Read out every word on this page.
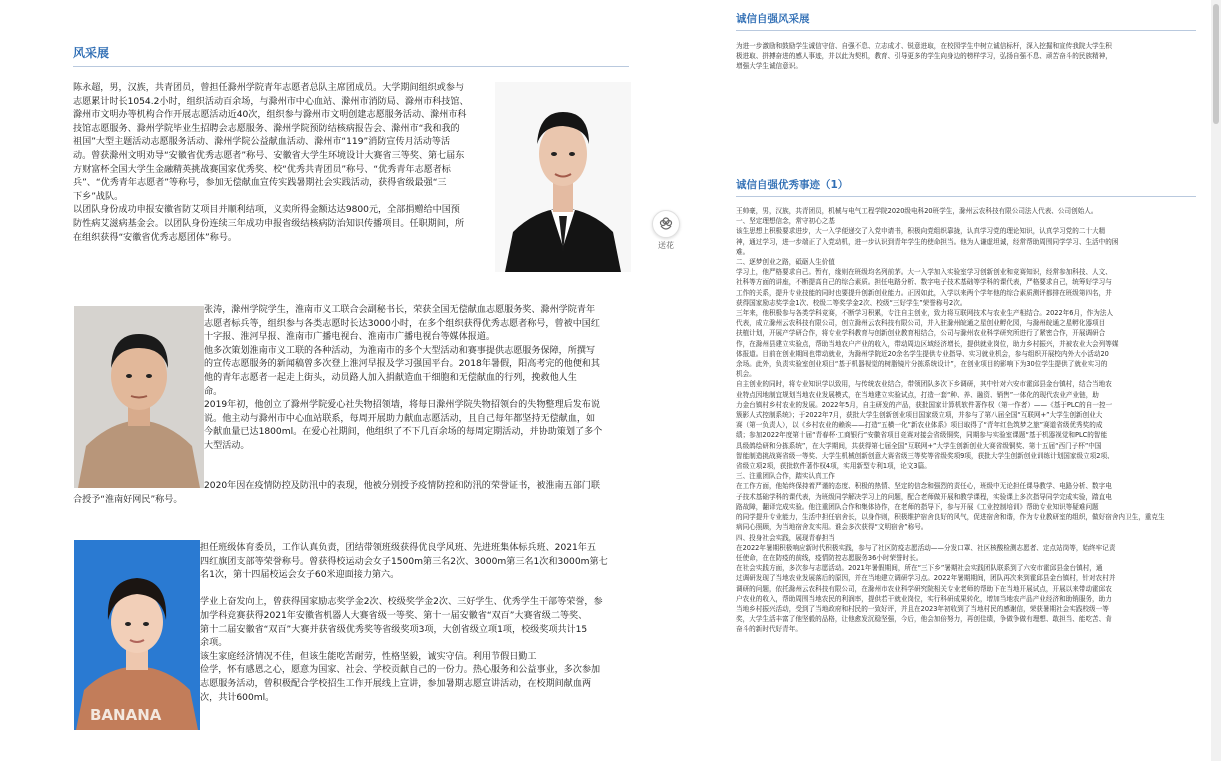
风采展
陈永超，男，汉族，共青团员，曾担任滁州学院青年志愿者总队主席团成员。大学期间组织或参与
志愿累计时长1054.2小时，组织活动百余场，与滁州市中心血站、滁州市消防局、滁州市科技馆、
滁州市文明办等机构合作开展志愿活动近40次，组织参与滁州市文明创建志愿服务活动、滁州市科
技馆志愿服务、滁州学院毕业生招聘会志愿服务、滁州学院预防结核病报告会、滁州市“我和我的
祖国”大型主题活动志愿服务活动、滁州学院公益献血活动、滁州市“119”消防宣传月活动等活
动。曾获滁州文明劝导“安徽省优秀志愿者”称号、安徽省大学生环境设计大赛省三等奖、第七届东
方财富杯全国大学生金融精英挑战赛国家优秀奖、校“优秀共青团员”称号、“优秀青年志愿者标
兵”、“优秀青年志愿者”等称号，参加无偿献血宣传实践暑期社会实践活动，获得省级最强“三
下乡”战队。
以团队身份成功申报安徽省防艾项目并顺利结项，义卖所得金额达达9800元，全部捐赠给中国预
防性病艾滋病基金会。以团队身份连续三年成功申报省级结核病防治知识传播项目。任职期间，所
在组织获得“安徽省优秀志愿团体”称号。
张涛，滁州学院学生，淮南市义工联合会副秘书长，荣获全国无偿献血志愿服务奖、滁州学院青年
志愿者标兵等，组织参与各类志愿时长达3000小时，在多个组织获得优秀志愿者称号，曾被中国红
十字报、淮河早报、淮南市广播电视台、淮南市广播电视台等媒体报道。
他多次策划淮南市义工联的各种活动，为淮南市的多个大型活动和赛事提供志愿服务保障，所撰写
的宣传志愿服务的新闻稿曾多次登上淮河早报及学习强国平台。2018年暑假，阳高考完的他便和其
他的青年志愿者一起走上街头，动员路人加入捐献造血干细胞和无偿献血的行列，挽救他人生
命。
2019年初，他创立了滁州学院爱心社失物招领墙，将每日滁州学院失物招领台的失物整理后发布说
说。他主动与滁州市中心血站联系，每周开展助力献血志愿活动，且自己每年都坚持无偿献血，如
今献血量已达1800ml。在爱心社期间，他组织了不下几百余场的每周定期活动，并协助策划了多个
大型活动。
2020年因在疫情防控及防汛中的表现，他被分别授予疫情防控和防汛的荣誉证书，被淮南五部门联
合授予“淮南好网民”称号。
BANANA
担任班级体育委员，工作认真负责，团结带领班级获得优良学风班、先进班集体标兵班、2021年五
四红旗团支部等荣誉称号。曾获得校运动会女子1500m第三名2次、3000m第三名1次和3000m第七
名1次，第十四届校运会女子60米迎面接力第六。
学业上奋发向上，曾获得国家励志奖学金2次、校级奖学金2次、三好学生、优秀学生干部等荣誉，参
加学科竞赛获得2021年安徽省机器人大赛省级一等奖、第十一届安徽省“双百”大赛省级二等奖、
第十二届安徽省“双百”大赛并获省级优秀奖等省级奖项3项，大创省级立项1项，校级奖项共计15
余项。
该生家庭经济情况不佳，但该生能吃苦耐劳，性格坚毅，诚实守信。利用节假日勤工
俭学，怀有感恩之心，愿意为国家、社会、学校贡献自己的一份力。热心服务和公益事业，多次参加
志愿服务活动，曾积极配合学校招生工作开展线上宣讲，参加暑期志愿宣讲活动，在校期间献血两
次，共计600ml。
送花
诚信自强风采展
为进一步激励和鼓励学生诚信守信、自强不息、立志成才、锐意进取，在校园学生中树立诚信标杆，深入挖掘和宣传我院大学生积
极进取、拼搏奋进的感人事迹，并以此为契机，教育、引导更多的学生向身边的榜样学习，弘扬自强不息、顽苦奋斗的民族精神，
增强大学生诚信意识。
诚信自强优秀事迹（1）
王帅豪，男，汉族，共青团员，机械与电气工程学院2020级电科20班学生，滁州云农科技有限公司法人代表、公司创始人。
一、坚定理想信念，常守初心之基
该生思想上积极要求进步，大一入学便递交了入党申请书，积极向党组织靠拢，认真学习党的理论知识，认真学习党的二十大精
神，通过学习，进一步端正了入党动机，进一步认识到青年学生的使命担当。他为人谦虚坦诚，经常帮助周围同学学习、生活中的困
难。
二、逐梦创业之路，砥砺人生价值
学习上，他严格要求自己。暂有，缘则在班级均名列前茅。大一入学加入实验室学习创新创业和竞赛知识，经常参加科技、人文、
社科等方面的讲座，不断提高自己的综合素质。担任电路分析、数字电子技术基础等学科的课代表，严格要求自己，统筹好学习与
工作的关系，提升专业技能的同时也要提升创新创业能力。正因如此，入学以来两个学年他的综合素质测评都排在班级第四名，并
获得国家励志奖学金1次、校级二等奖学金2次、校级“三好学生”荣誉称号2次。
三年来，他积极参与各类学科竞赛，不断学习积累，专注自主创业，致力将互联网技术与农业生产相结合。2022年6月，作为法人
代表，成立滁州云农科技有限公司，创立滁州云农科技有限公司，并入驻滁州皖通之星创业孵化园，与滁州皖通之星孵化器项目
扶植计划，开展产学研合作，将专业学科教育与创新创业教育相结合，公司与滁州农业科学研究所进行了紧密合作，开展调研合
作，在滁州县建立实验点，帮助当地农户产业的收入，带动周边区域经济增长，提供就业岗位，助力乡村振兴，并被农业大会列等媒
体报道。目前在创业期间也带动就业，为滁州学院近20余名学生提供专业指导、实习就业机会，参与组织开展校内外大小活动20
余场。此外，负责实验室创业项目“基于机器视觉的树脂镜片分拣系统设计”，在创业项目的影响下为30位学生提供了就业实习的
机会。
自主创业的同时，将专业知识学以致用，与传统农业结合，带领团队多次下乡调研，其中针对六安市霍邱县金台镇村，结合当地农
业特点因地制宜规划当地农业发展模式，在当地建立实验试点，打造一套“种、养、融资、销售”一体化的现代农业产业链，助
力金台镇村乡村农业的发展。2022年5月，自主研发的产品，获批国家计算机软件著作权（第一作者）——《基于PLC的自一控一
簇影人式控制系统》；于2022年7月，获批大学生创新创业项目国家级立项，并参与了第八届全国“互联网+”大学生创新创业大
赛（第一负责人），以《乡村农业的赖诶——打造“五横一化”新农业体系》项目取得了“青年红色筑梦之旅”赛道省级优秀奖的成
绩；参加2022年度第十届“青春杯·工商银行”安徽省项目竞赛对接会省级铜奖，同期参与实验室课题“基于机器视觉和PLC的智能
具级鸽绘研和分拣系统”，在大学期间，共获得第七届全国“互联网+”大学生创新创业大赛省级铜奖、第十五届“西门子杯”中国
智能制造挑战赛省级一等奖、大学生机械创新创意大赛省级三等奖等省级奖项9项，获批大学生创新创业训练计划国家级立项2项、
省级立项2项，获批软件著作权4项，实用新型专利1项，论文3篇。
三、注重团队合作，踏实认真工作
在工作方面，他始终保持着严谨的态度、积极的热情、坚定的信念和强烈的责任心，班级中无论担任课导教学、电路分析、数字电
子技术基础学科的课代表，为班级同学解决学习上的问题，配合老师做开展和教学课程，实验课上多次指导同学完成实验，踏直电
路故障，翻译完成实验。他注重团队合作和集体协作，在老师的指导下，参与开展《工业控制培训》帮助专业知识等疑难问题
的同学提升专业能力，生活中担任宿舍长，以身作则，积极维护宿舍良好的风气，促进宿舍和谐，作为专业教研室的组织，做好宿舍内卫生，重克生
病同心照顾，为当地宿舍友实用。谁会多次获得“文明宿舍”称号。
四、投身社会实践，展现青春担当
在2022年暑期积极响应新时代积极实践，参与了社区防疫志愿活动——分发口罩、社区核酸检测志愿者、定点站岗等，始终牢记责
任使命，在在防疫的前线，疫情防控志愿服务36小时荣誉时长。
在社会实践方面，多次参与志愿活动。2021年暑假期间，所在“三下乡”暑期社会实践团队联系到了六安市霍邱县金台镇村，通
过调研发现了当地农业发展落后的原因，并在当地建立调研学习点。2022年暑期期间，团队再次来到霍邱县金台镇村，针对农村并
调研的问题，依托滁州云农科技有限公司，在滁州市农业科学研究院相关专业老师的帮助下在当地开展试点，开展以来带动霍邱农
户农业的收入，帮助周围当地农民的利润率，提供若干就业岗位，实行科研成果转化，增加当地农产品产业经济和助销服务，助力
当地乡村振兴活动，受到了当地政府和村民的一致好评，并且在2023年初收到了当地村民的感谢信，荣获暑期社会实践校级一等
奖，大学生活丰富了他坚毅的品格，让他愈发沉稳坚强，今后，他会加倍努力，再创佳绩，争做争做有理想、敢担当、能吃苦、肯
奋斗的新时代好青年。
